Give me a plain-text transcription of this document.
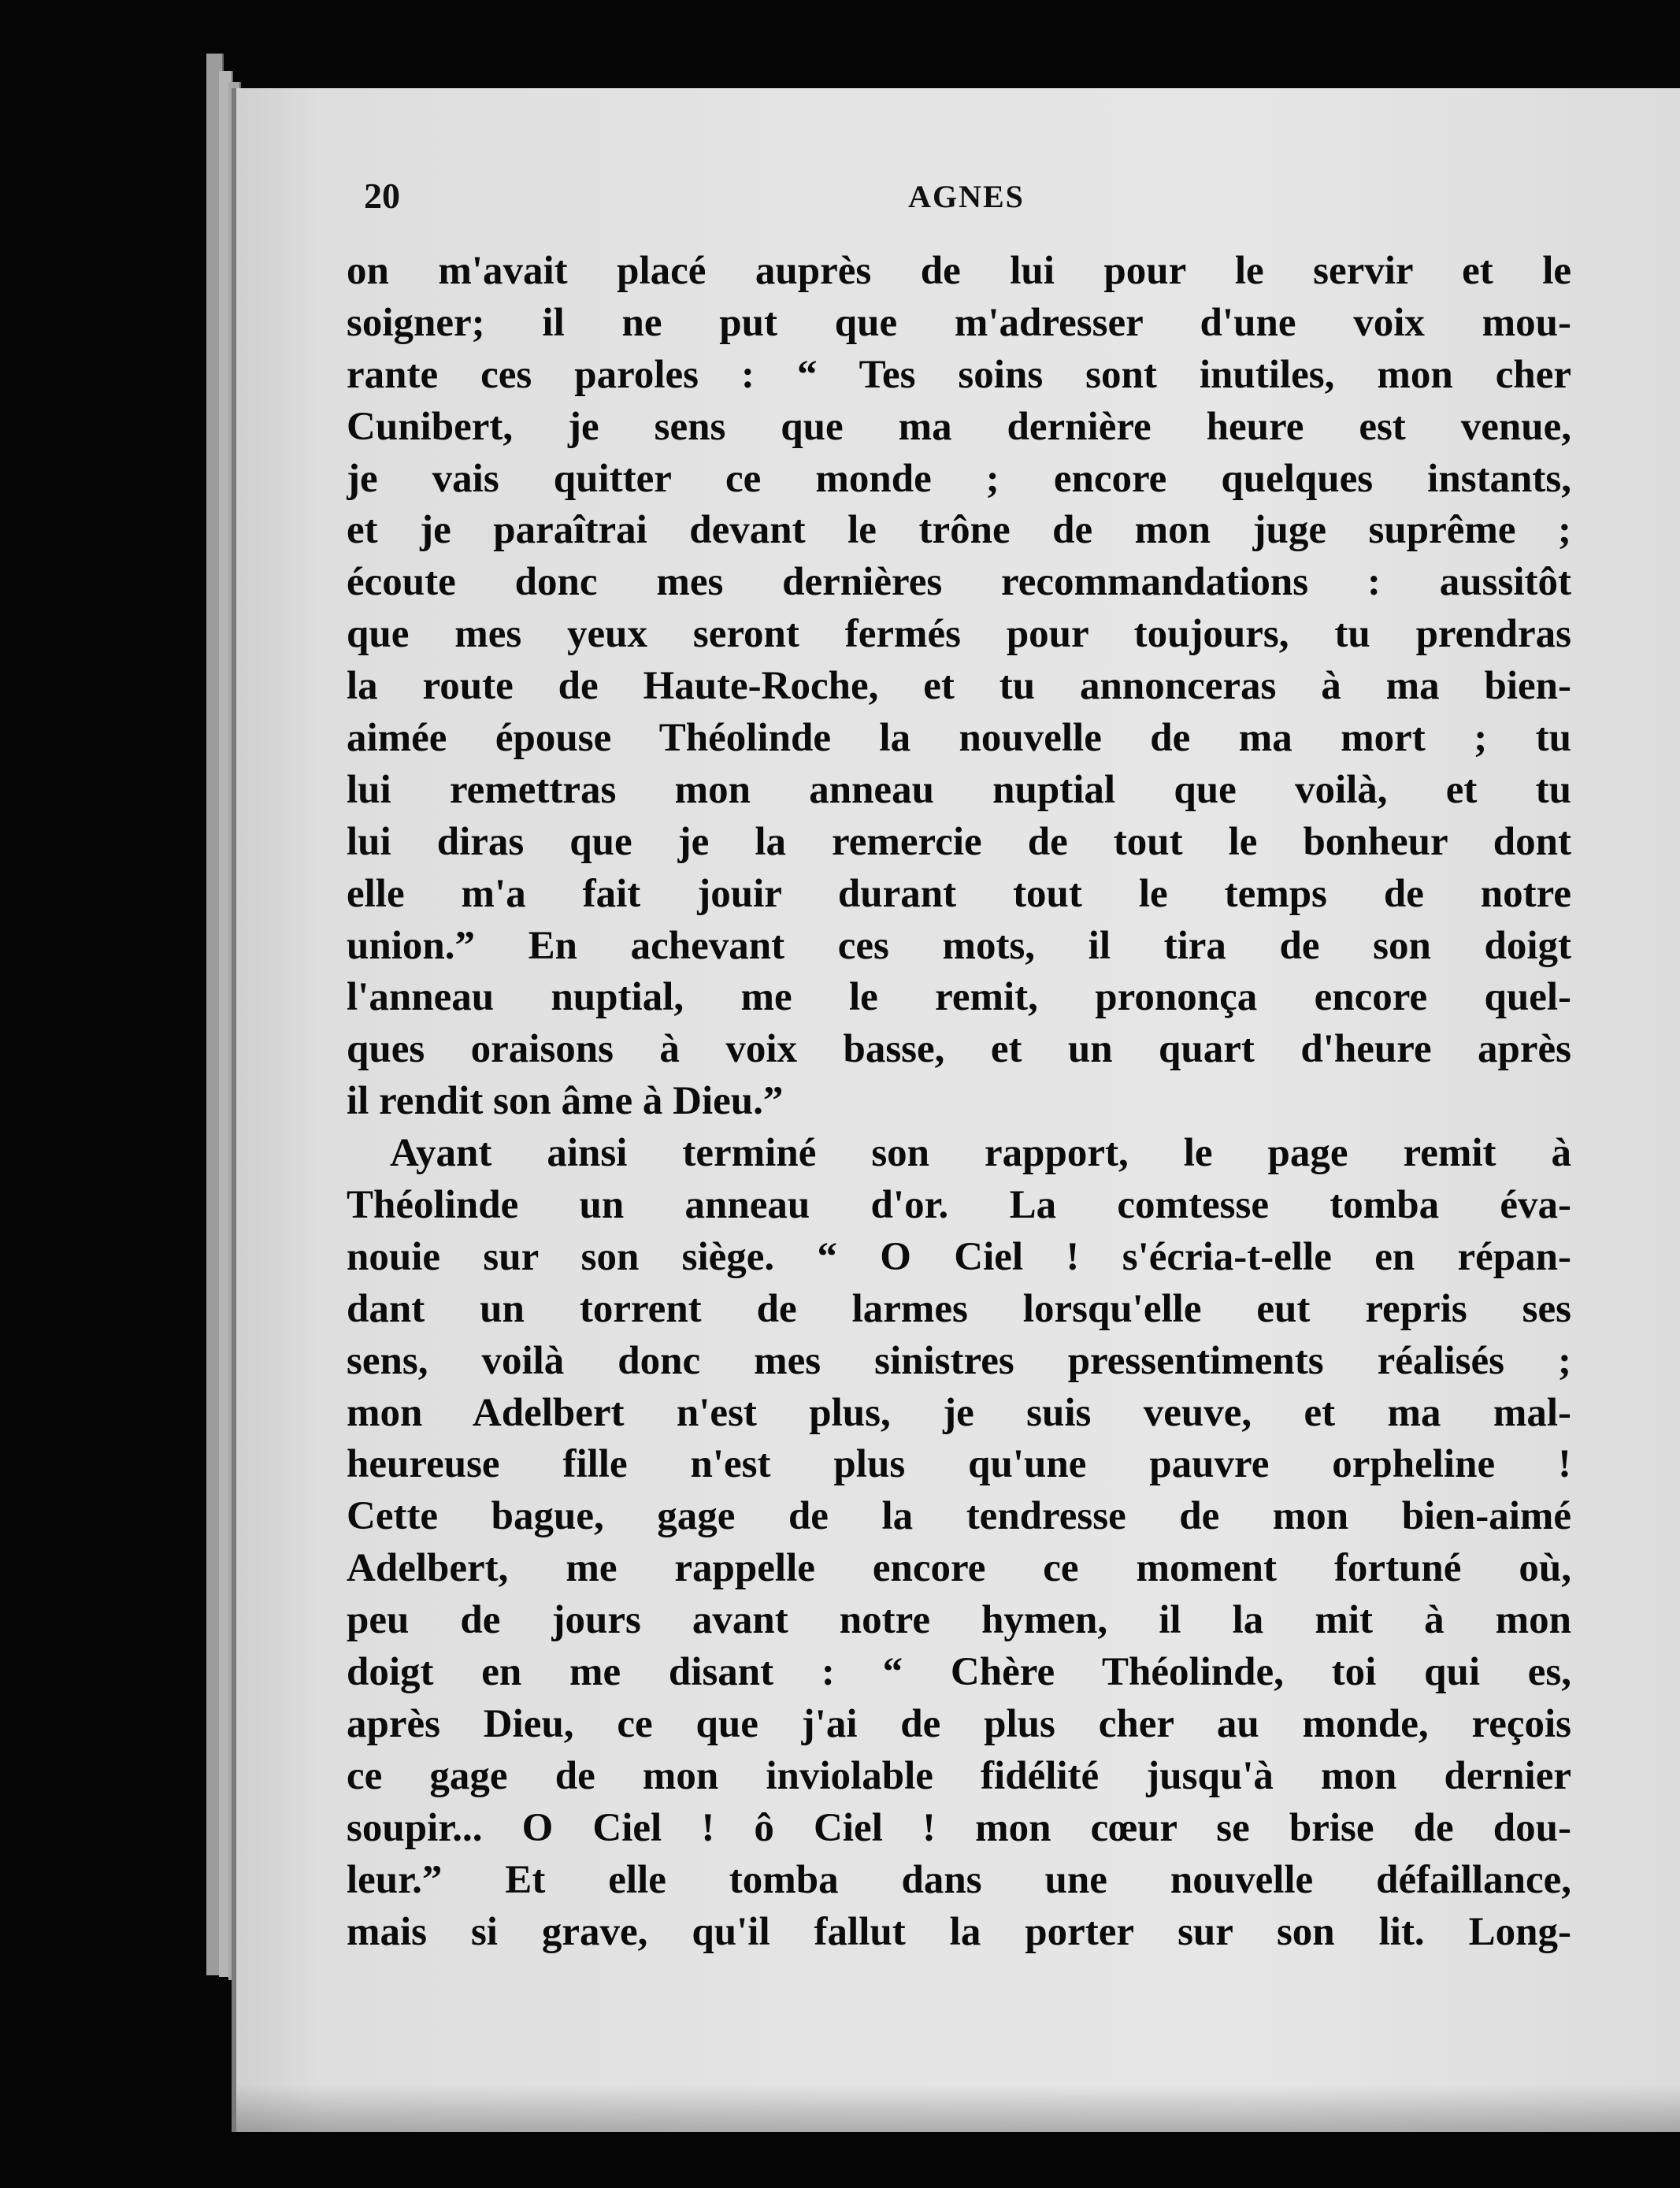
20	AGNES
on m'avait placé auprès de lui pour le servir et le
soigner; il ne put que m'adresser d'une voix mou-
rante ces paroles : “ Tes soins sont inutiles, mon cher
Cunibert, je sens que ma dernière heure est venue,
je vais quitter ce monde ; encore quelques instants,
et je paraîtrai devant le trône de mon juge suprême ;
écoute donc mes dernières recommandations : aussitôt
que mes yeux seront fermés pour toujours, tu prendras
la route de Haute-Roche, et tu annonceras à ma bien-
aimée épouse Théolinde la nouvelle de ma mort ; tu
lui remettras mon anneau nuptial que voilà, et tu
lui diras que je la remercie de tout le bonheur dont
elle m'a fait jouir durant tout le temps de notre
union.” En achevant ces mots, il tira de son doigt
l'anneau nuptial, me le remit, prononça encore quel-
ques oraisons à voix basse, et un quart d'heure après
il rendit son âme à Dieu.”
Ayant ainsi terminé son rapport, le page remit à
Théolinde un anneau d'or. La comtesse tomba éva-
nouie sur son siège. “ O Ciel ! s'écria-t-elle en répan-
dant un torrent de larmes lorsqu'elle eut repris ses
sens, voilà donc mes sinistres pressentiments réalisés ;
mon Adelbert n'est plus, je suis veuve, et ma mal-
heureuse fille n'est plus qu'une pauvre orpheline !
Cette bague, gage de la tendresse de mon bien-aimé
Adelbert, me rappelle encore ce moment fortuné où,
peu de jours avant notre hymen, il la mit à mon
doigt en me disant : “ Chère Théolinde, toi qui es,
après Dieu, ce que j'ai de plus cher au monde, reçois
ce gage de mon inviolable fidélité jusqu'à mon dernier
soupir... O Ciel ! ô Ciel ! mon cœur se brise de dou-
leur.” Et elle tomba dans une nouvelle défaillance,
mais si grave, qu'il fallut la porter sur son lit. Long-
